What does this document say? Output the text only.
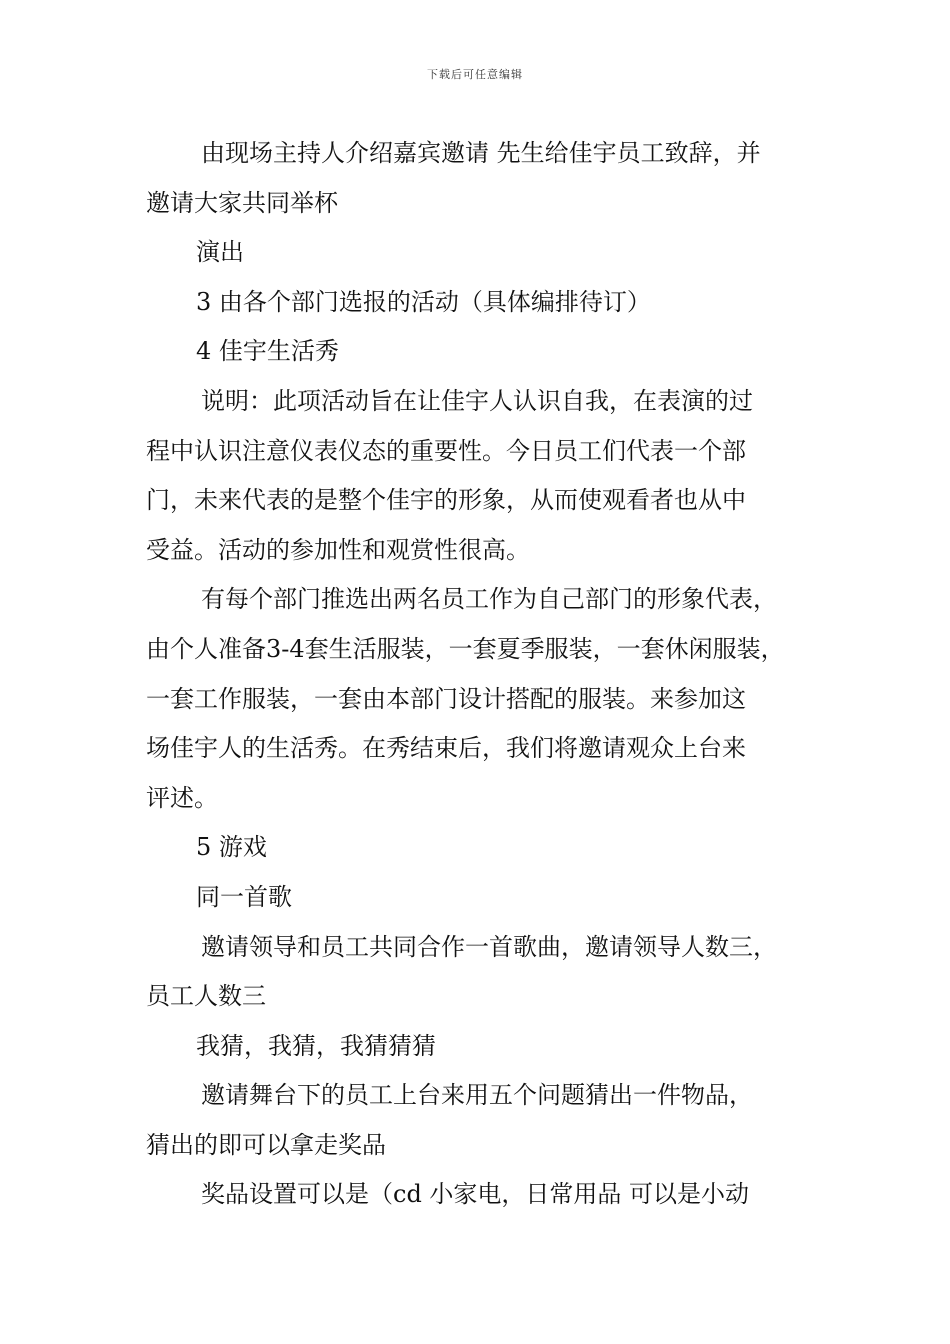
下载后可任意编辑

由现场主持人介绍嘉宾邀请 先生给佳宇员工致辞，并

邀请大家共同举杯

演出

3 由各个部门选报的活动（具体编排待订）

4 佳宇生活秀

说明：此项活动旨在让佳宇人认识自我，在表演的过

程中认识注意仪表仪态的重要性。今日员工们代表一个部

门，未来代表的是整个佳宇的形象，从而使观看者也从中

受益。活动的参加性和观赏性很高。

有每个部门推选出两名员工作为自己部门的形象代表，

由个人准备3-4套生活服装，一套夏季服装，一套休闲服装，

一套工作服装，一套由本部门设计搭配的服装。来参加这

场佳宇人的生活秀。在秀结束后，我们将邀请观众上台来

评述。

5 游戏

同一首歌

邀请领导和员工共同合作一首歌曲，邀请领导人数三，

员工人数三

我猜，我猜，我猜猜猜

邀请舞台下的员工上台来用五个问题猜出一件物品，

猜出的即可以拿走奖品

奖品设置可以是（cd 小家电，日常用品 可以是小动
